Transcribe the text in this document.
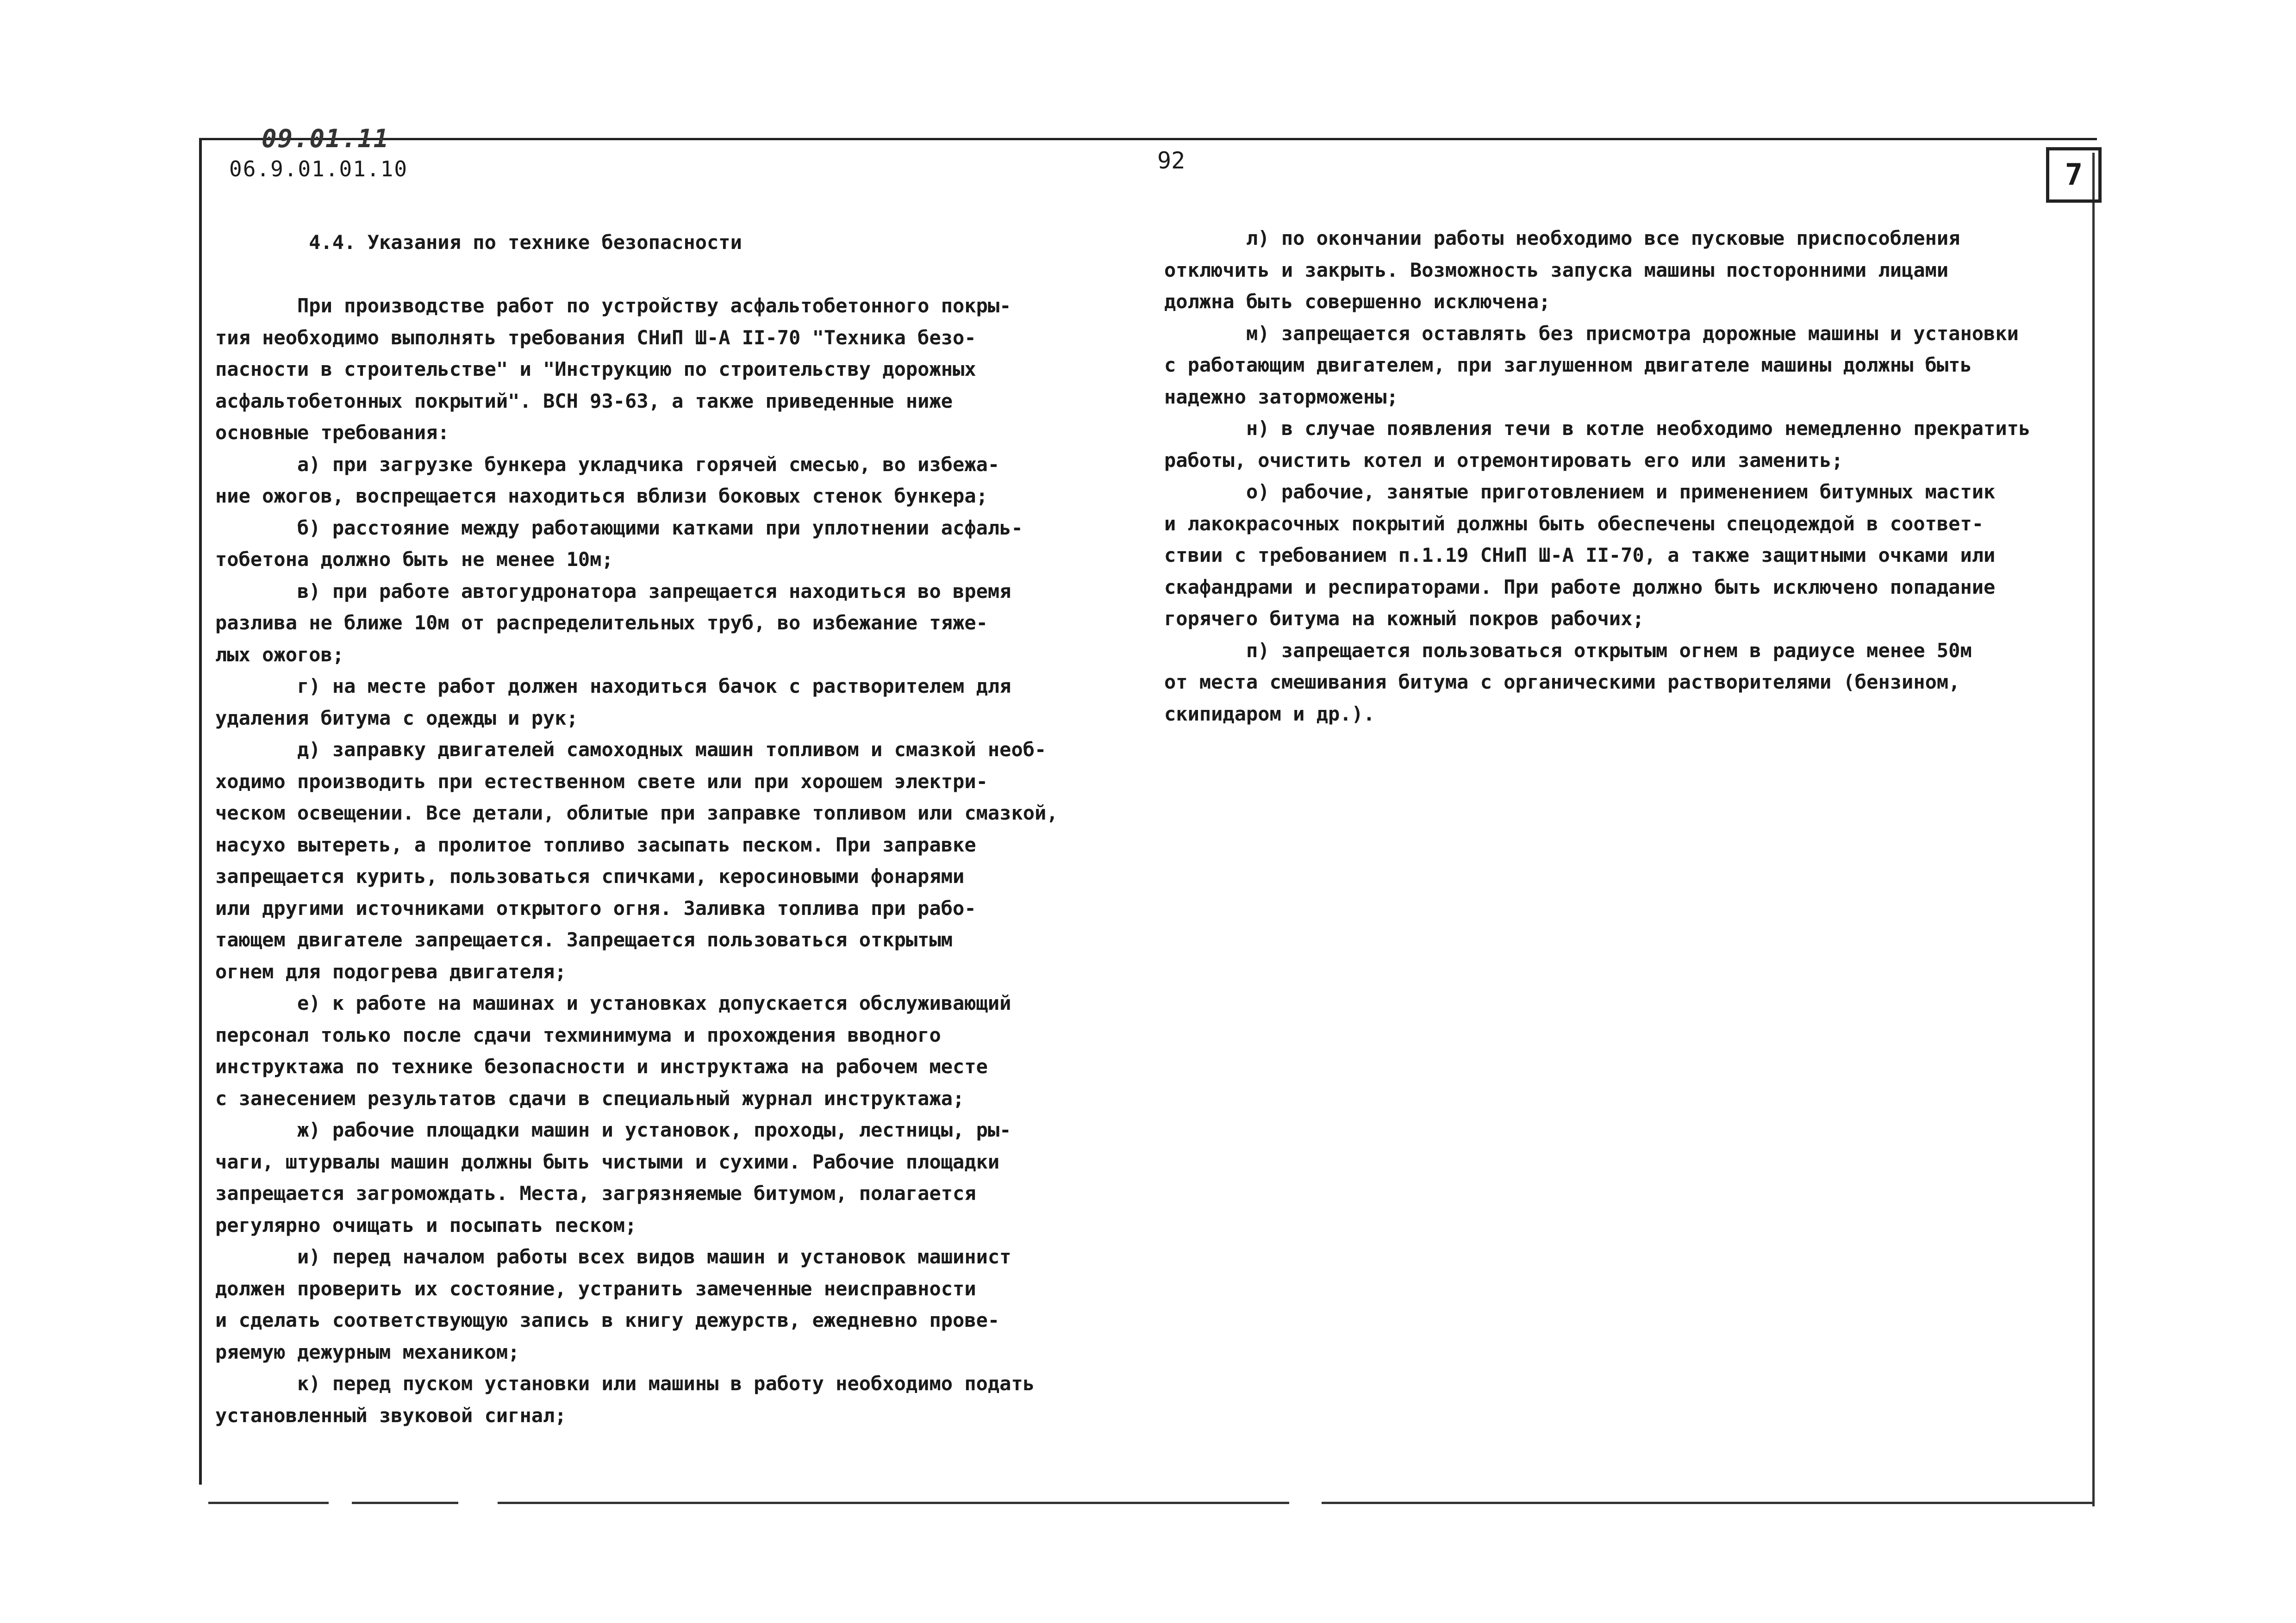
09.01.11
06.9.01.01.10	92	7
4.4. Указания по технике безопасности
При производстве работ по устройству асфальтобетонного покры-
тия необходимо выполнять требования СНиП Ш-А II-70 "Техника безо-
пасности в строительстве" и "Инструкцию по строительству дорожных
асфальтобетонных покрытий". ВСН 93-63, а также приведенные ниже
основные требования:
а) при загрузке бункера укладчика горячей смесью, во избежа-
ние ожогов, воспрещается находиться вблизи боковых стенок бункера;
б) расстояние между работающими катками при уплотнении асфаль-
тобетона должно быть не менее 10м;
в) при работе автогудронатора запрещается находиться во время
разлива не ближе 10м от распределительных труб, во избежание тяже-
лых ожогов;
г) на месте работ должен находиться бачок с растворителем для
удаления битума с одежды и рук;
д) заправку двигателей самоходных машин топливом и смазкой необ-
ходимо производить при естественном свете или при хорошем электри-
ческом освещении. Все детали, облитые при заправке топливом или смазкой,
насухо вытереть, а пролитое топливо засыпать песком. При заправке
запрещается курить, пользоваться спичками, керосиновыми фонарями
или другими источниками открытого огня. Заливка топлива при рабо-
тающем двигателе запрещается. Запрещается пользоваться открытым
огнем для подогрева двигателя;
е) к работе на машинах и установках допускается обслуживающий
персонал только после сдачи техминимума и прохождения вводного
инструктажа по технике безопасности и инструктажа на рабочем месте
с занесением результатов сдачи в специальный журнал инструктажа;
ж) рабочие площадки машин и установок, проходы, лестницы, ры-
чаги, штурвалы машин должны быть чистыми и сухими. Рабочие площадки
запрещается загромождать. Места, загрязняемые битумом, полагается
регулярно очищать и посыпать песком;
и) перед началом работы всех видов машин и установок машинист
должен проверить их состояние, устранить замеченные неисправности
и сделать соответствующую запись в книгу дежурств, ежедневно прове-
ряемую дежурным механиком;
к) перед пуском установки или машины в работу необходимо подать
установленный звуковой сигнал;
л) по окончании работы необходимо все пусковые приспособления
отключить и закрыть. Возможность запуска машины посторонними лицами
должна быть совершенно исключена;
м) запрещается оставлять без присмотра дорожные машины и установки
с работающим двигателем, при заглушенном двигателе машины должны быть
надежно заторможены;
н) в случае появления течи в котле необходимо немедленно прекратить
работы, очистить котел и отремонтировать его или заменить;
о) рабочие, занятые приготовлением и применением битумных мастик
и лакокрасочных покрытий должны быть обеспечены спецодеждой в соответ-
ствии с требованием п.1.19 СНиП Ш-А II-70, а также защитными очками или
скафандрами и респираторами. При работе должно быть исключено попадание
горячего битума на кожный покров рабочих;
п) запрещается пользоваться открытым огнем в радиусе менее 50м
от места смешивания битума с органическими растворителями (бензином,
скипидаром и др.).
